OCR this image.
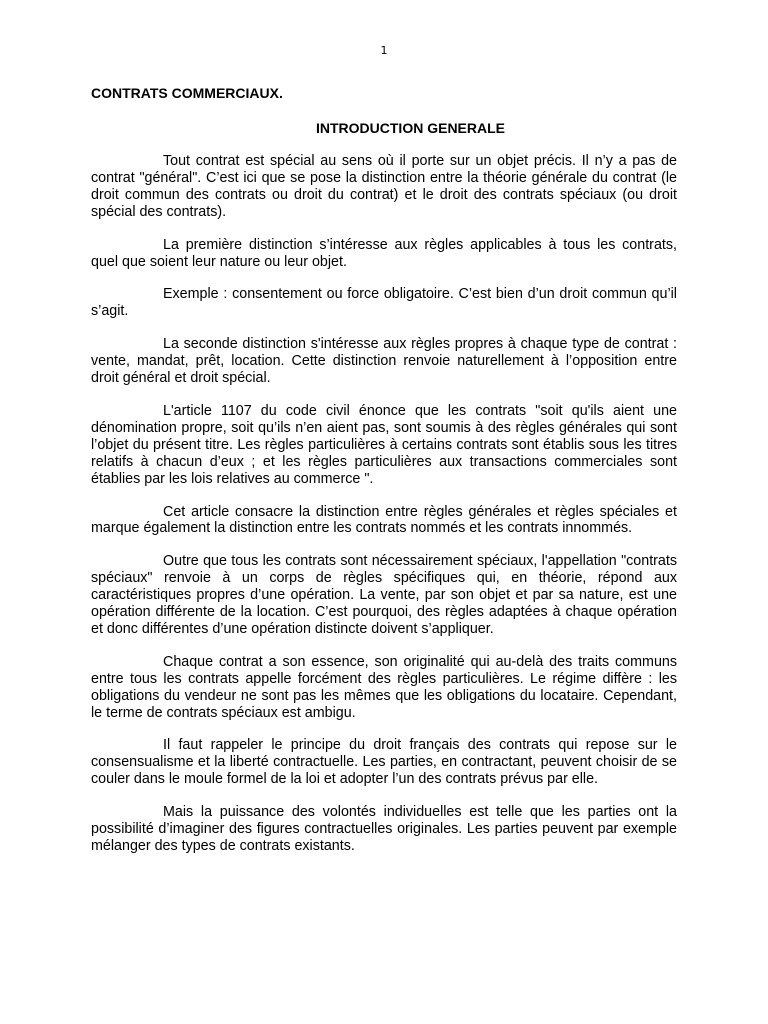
1
CONTRATS COMMERCIAUX.
INTRODUCTION GENERALE

Tout contrat est spécial au sens où il porte sur un objet précis. Il n’y a pas de contrat "général". C’est ici que se pose la distinction entre la théorie générale du contrat (le droit commun des contrats ou droit du contrat) et le droit des contrats spéciaux (ou droit spécial des contrats).

La première distinction s’intéresse aux règles applicables à tous les contrats, quel que soient leur nature ou leur objet.

Exemple : consentement ou force obligatoire. C’est bien d’un droit commun qu’il s’agit.

La seconde distinction s'intéresse aux règles propres à chaque type de contrat : vente, mandat, prêt, location. Cette distinction renvoie naturellement à l’opposition entre droit général et droit spécial.

L'article 1107 du code civil énonce que les contrats "soit qu'ils aient une dénomination propre, soit qu’ils n’en aient pas, sont soumis à des règles générales qui sont l’objet du présent titre. Les règles particulières à certains contrats sont établis sous les titres relatifs à chacun d’eux ; et les règles particulières aux transactions commerciales sont établies par les lois relatives au commerce ".

Cet article consacre la distinction entre règles générales et règles spéciales et marque également la distinction entre les contrats nommés et les contrats innommés.

Outre que tous les contrats sont nécessairement spéciaux, l'appellation "contrats spéciaux" renvoie à un corps de règles spécifiques qui, en théorie, répond aux caractéristiques propres d’une opération. La vente, par son objet et par sa nature, est une opération différente de la location. C’est pourquoi, des règles adaptées à chaque opération et donc différentes d’une opération distincte doivent s’appliquer.

Chaque contrat a son essence, son originalité qui au-delà des traits communs entre tous les contrats appelle forcément des règles particulières. Le régime diffère : les obligations du vendeur ne sont pas les mêmes que les obligations du locataire. Cependant, le terme de contrats spéciaux est ambigu.

Il faut rappeler le principe du droit français des contrats qui repose sur le consensualisme et la liberté contractuelle. Les parties, en contractant, peuvent choisir de se couler dans le moule formel de la loi et adopter l’un des contrats prévus par elle.

Mais la puissance des volontés individuelles est telle que les parties ont la possibilité d’imaginer des figures contractuelles originales. Les parties peuvent par exemple mélanger des types de contrats existants.
